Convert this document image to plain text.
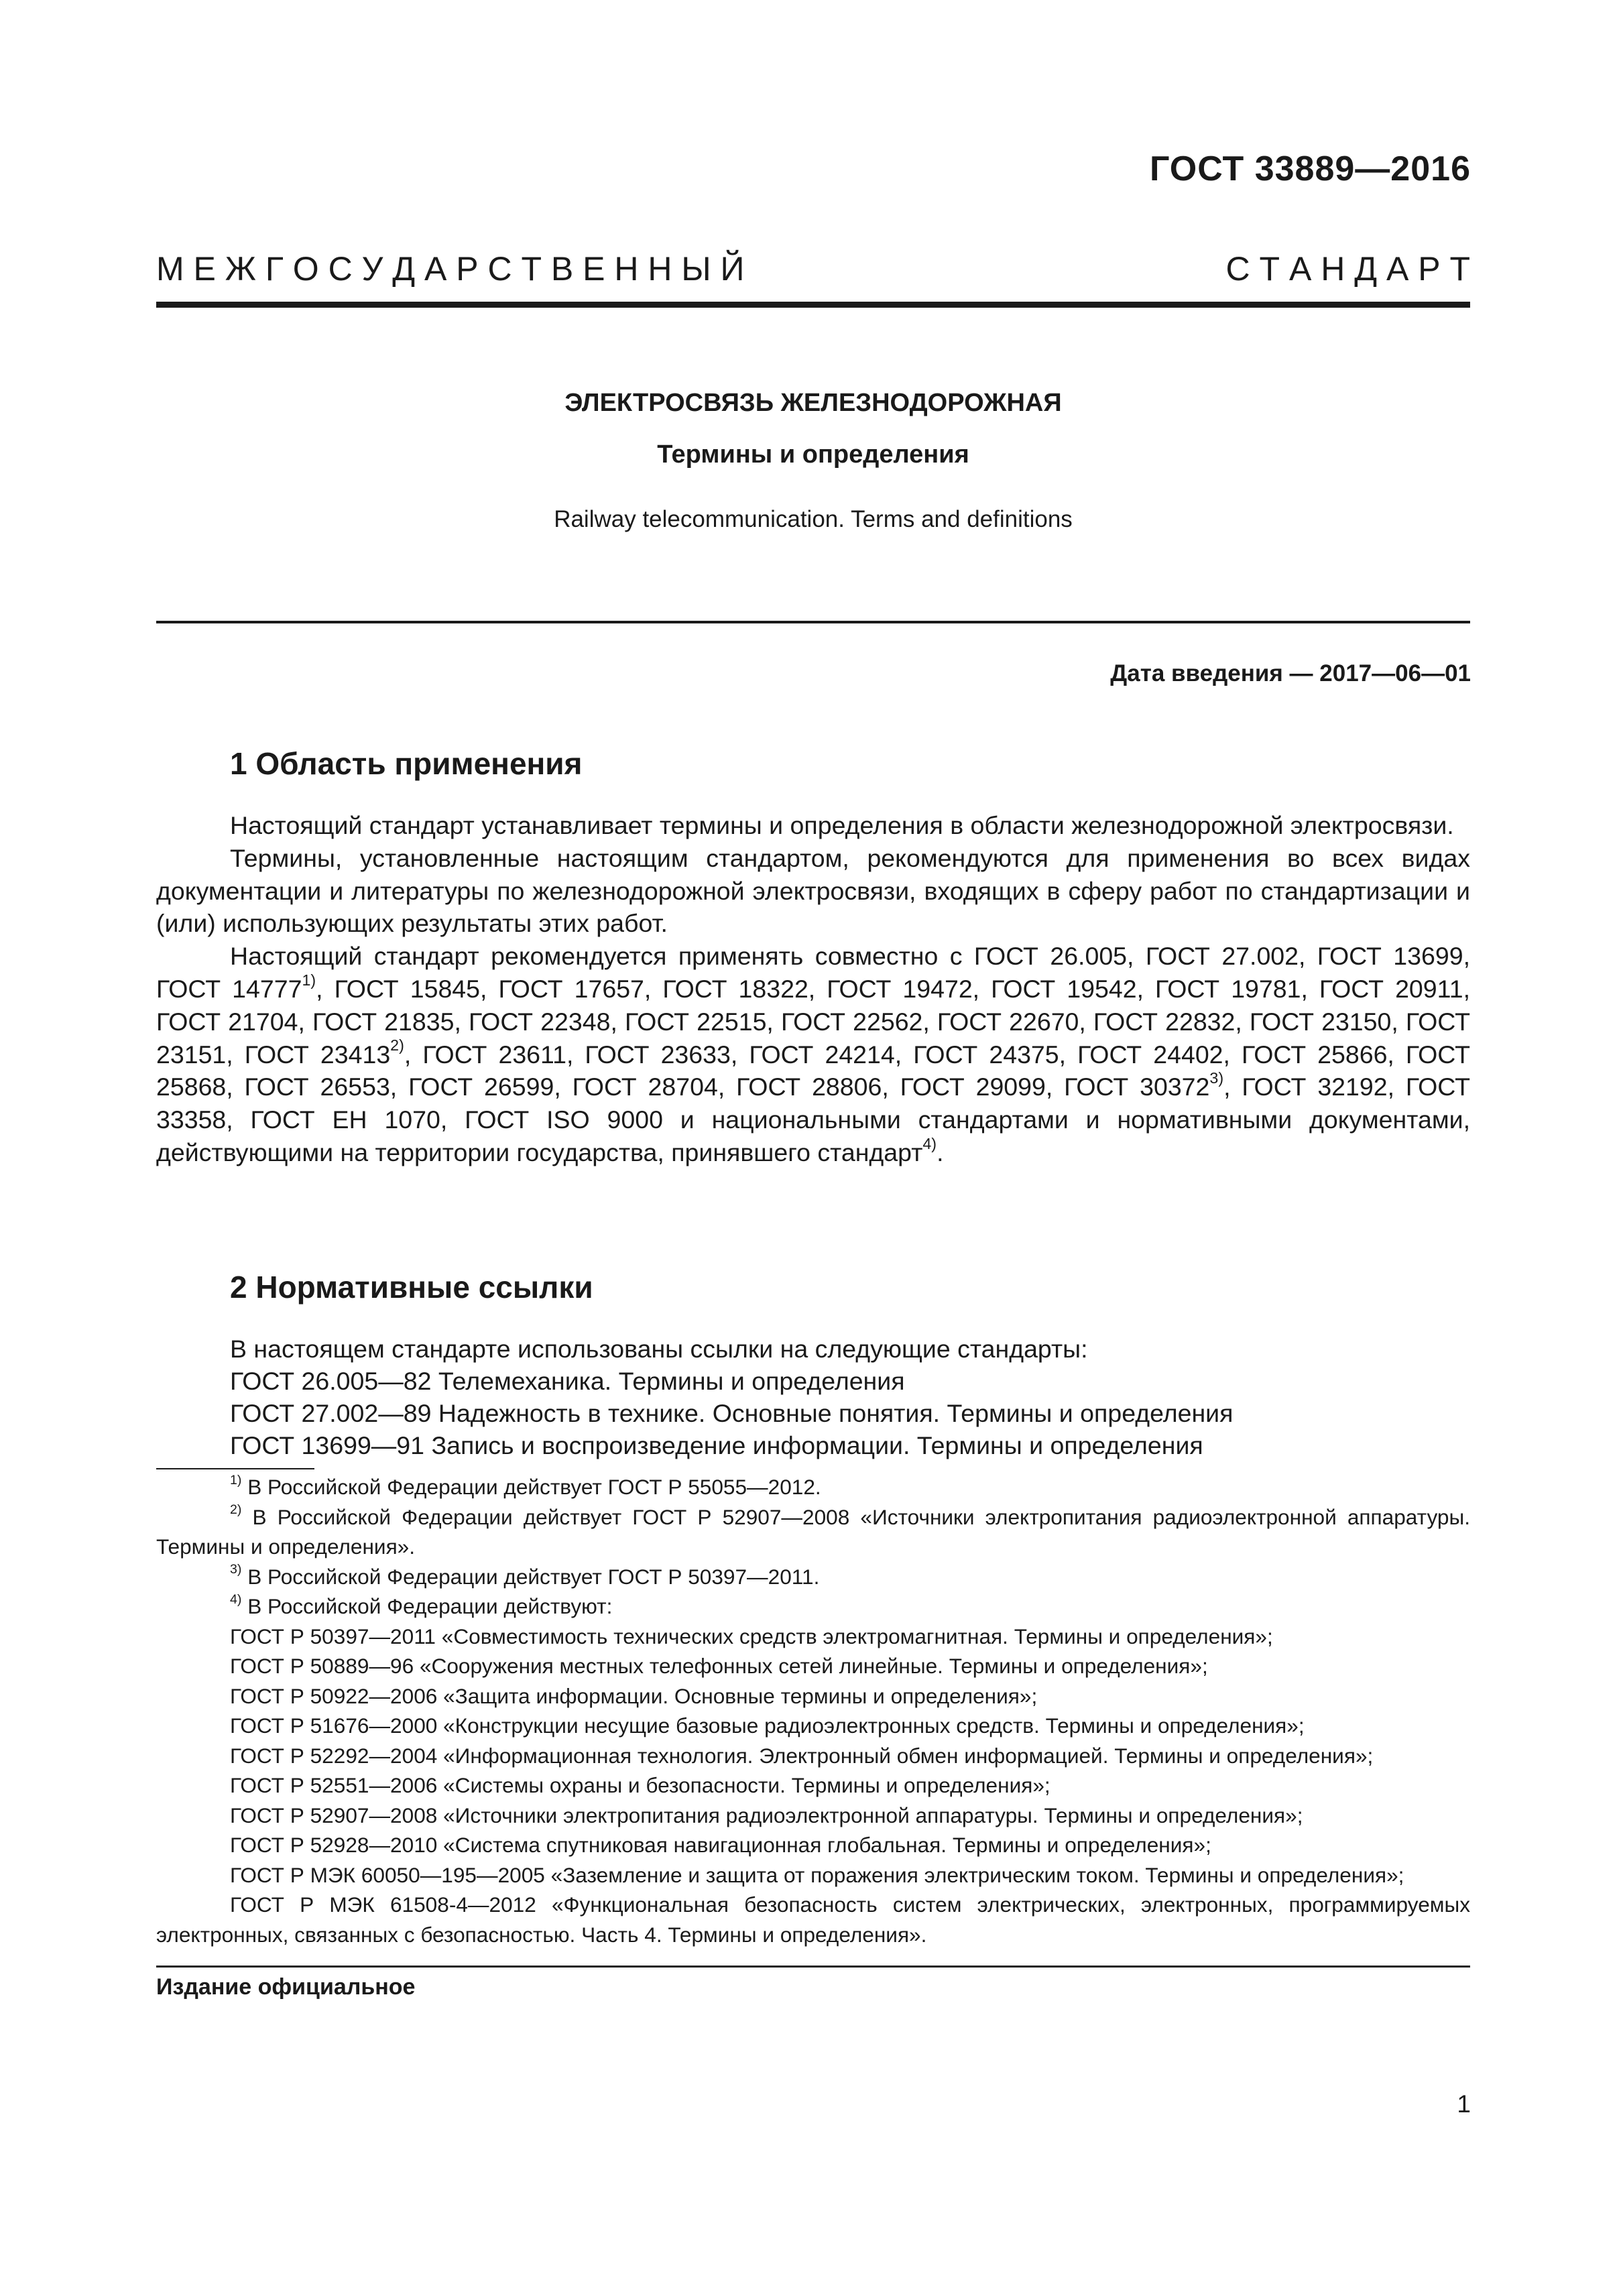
ГОСТ 33889—2016
М Е Ж Г О С У Д А Р С Т В Е Н Н Ы Й	С Т А Н Д А Р Т
ЭЛЕКТРОСВЯЗЬ ЖЕЛЕЗНОДОРОЖНАЯ
Термины и определения
Railway telecommunication. Terms and definitions
Дата введения — 2017—06—01
1 Область применения

Настоящий стандарт устанавливает термины и определения в области железнодорожной электросвязи.

Термины, установленные настоящим стандартом, рекомендуются для применения во всех видах документации и литературы по железнодорожной электросвязи, входящих в сферу работ по стандартизации и (или) использующих результаты этих работ.

Настоящий стандарт рекомендуется применять совместно с ГОСТ 26.005, ГОСТ 27.002, ГОСТ 13699, ГОСТ 14777$^{1)}$, ГОСТ 15845, ГОСТ 17657, ГОСТ 18322, ГОСТ 19472, ГОСТ 19542, ГОСТ 19781, ГОСТ 20911, ГОСТ 21704, ГОСТ 21835, ГОСТ 22348, ГОСТ 22515, ГОСТ 22562, ГОСТ 22670, ГОСТ 22832, ГОСТ 23150, ГОСТ 23151, ГОСТ 23413$^{2)}$, ГОСТ 23611, ГОСТ 23633, ГОСТ 24214, ГОСТ 24375, ГОСТ 24402, ГОСТ 25866, ГОСТ 25868, ГОСТ 26553, ГОСТ 26599, ГОСТ 28704, ГОСТ 28806, ГОСТ 29099, ГОСТ 30372$^{3)}$, ГОСТ 32192, ГОСТ 33358, ГОСТ ЕН 1070, ГОСТ ISO 9000 и национальными стандартами и нормативными документами, действующими на территории государства, принявшего стандарт$^{4)}$.

2 Нормативные ссылки
В настоящем стандарте использованы ссылки на следующие стандарты:
ГОСТ 26.005—82 Телемеханика. Термины и определения
ГОСТ 27.002—89 Надежность в технике. Основные понятия. Термины и определения
ГОСТ 13699—91 Запись и воспроизведение информации. Термины и определения

$^{1)}$ В Российской Федерации действует ГОСТ Р 55055—2012.

$^{2)}$ В Российской Федерации действует ГОСТ Р 52907—2008 «Источники электропитания радиоэлектронной аппаратуры. Термины и определения».

$^{3)}$ В Российской Федерации действует ГОСТ Р 50397—2011.

$^{4)}$ В Российской Федерации действуют:

ГОСТ Р 50397—2011 «Совместимость технических средств электромагнитная. Термины и определения»;

ГОСТ Р 50889—96 «Сооружения местных телефонных сетей линейные. Термины и определения»;

ГОСТ Р 50922—2006 «Защита информации. Основные термины и определения»;

ГОСТ Р 51676—2000 «Конструкции несущие базовые радиоэлектронных средств. Термины и определения»;

ГОСТ Р 52292—2004 «Информационная технология. Электронный обмен информацией. Термины и определения»;

ГОСТ Р 52551—2006 «Системы охраны и безопасности. Термины и определения»;

ГОСТ Р 52907—2008 «Источники электропитания радиоэлектронной аппаратуры. Термины и определения»;

ГОСТ Р 52928—2010 «Система спутниковая навигационная глобальная. Термины и определения»;

ГОСТ Р МЭК 60050—195—2005 «Заземление и защита от поражения электрическим током. Термины и определения»;

ГОСТ Р МЭК 61508-4—2012 «Функциональная безопасность систем электрических, электронных, программируемых электронных, связанных с безопасностью. Часть 4. Термины и определения».

Издание официальное
1
